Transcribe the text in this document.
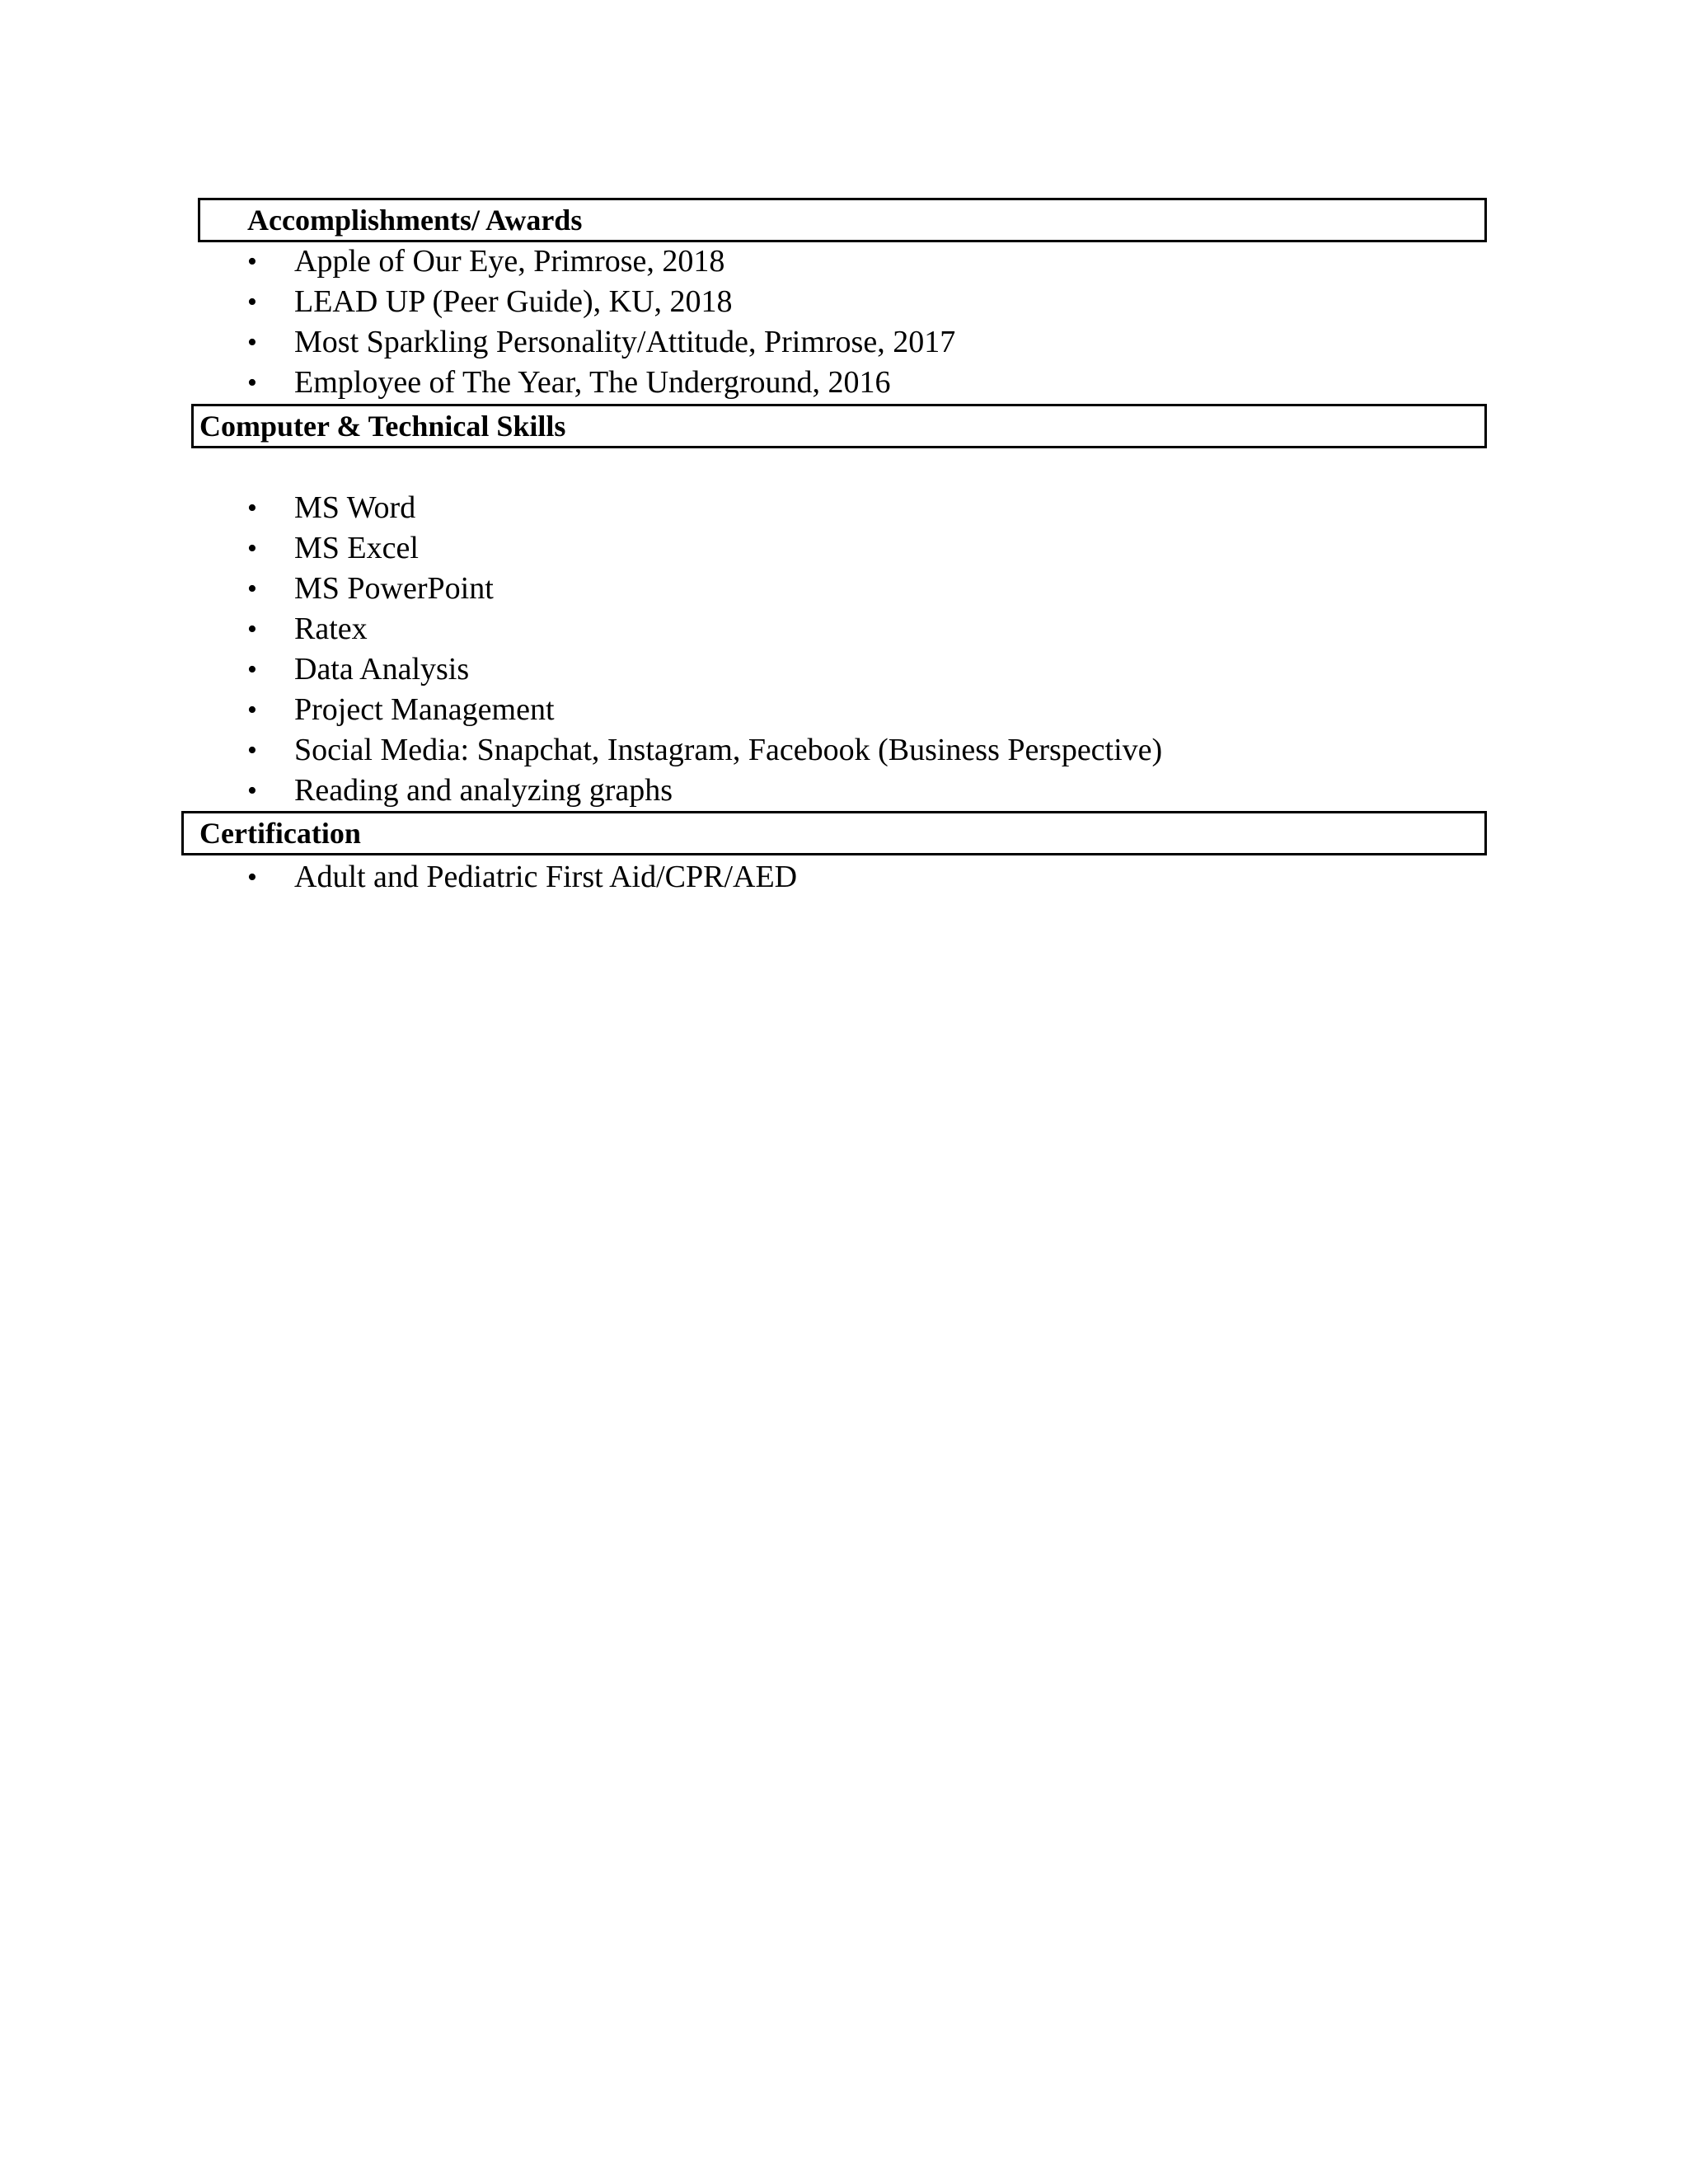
Accomplishments/ Awards
• Apple of Our Eye, Primrose, 2018
• LEAD UP (Peer Guide), KU, 2018
• Most Sparkling Personality/Attitude, Primrose, 2017
• Employee of The Year, The Underground, 2016
Computer & Technical Skills
• MS Word
• MS Excel
• MS PowerPoint
• Ratex
• Data Analysis
• Project Management
• Social Media: Snapchat, Instagram, Facebook (Business Perspective)
• Reading and analyzing graphs
Certification
• Adult and Pediatric First Aid/CPR/AED
